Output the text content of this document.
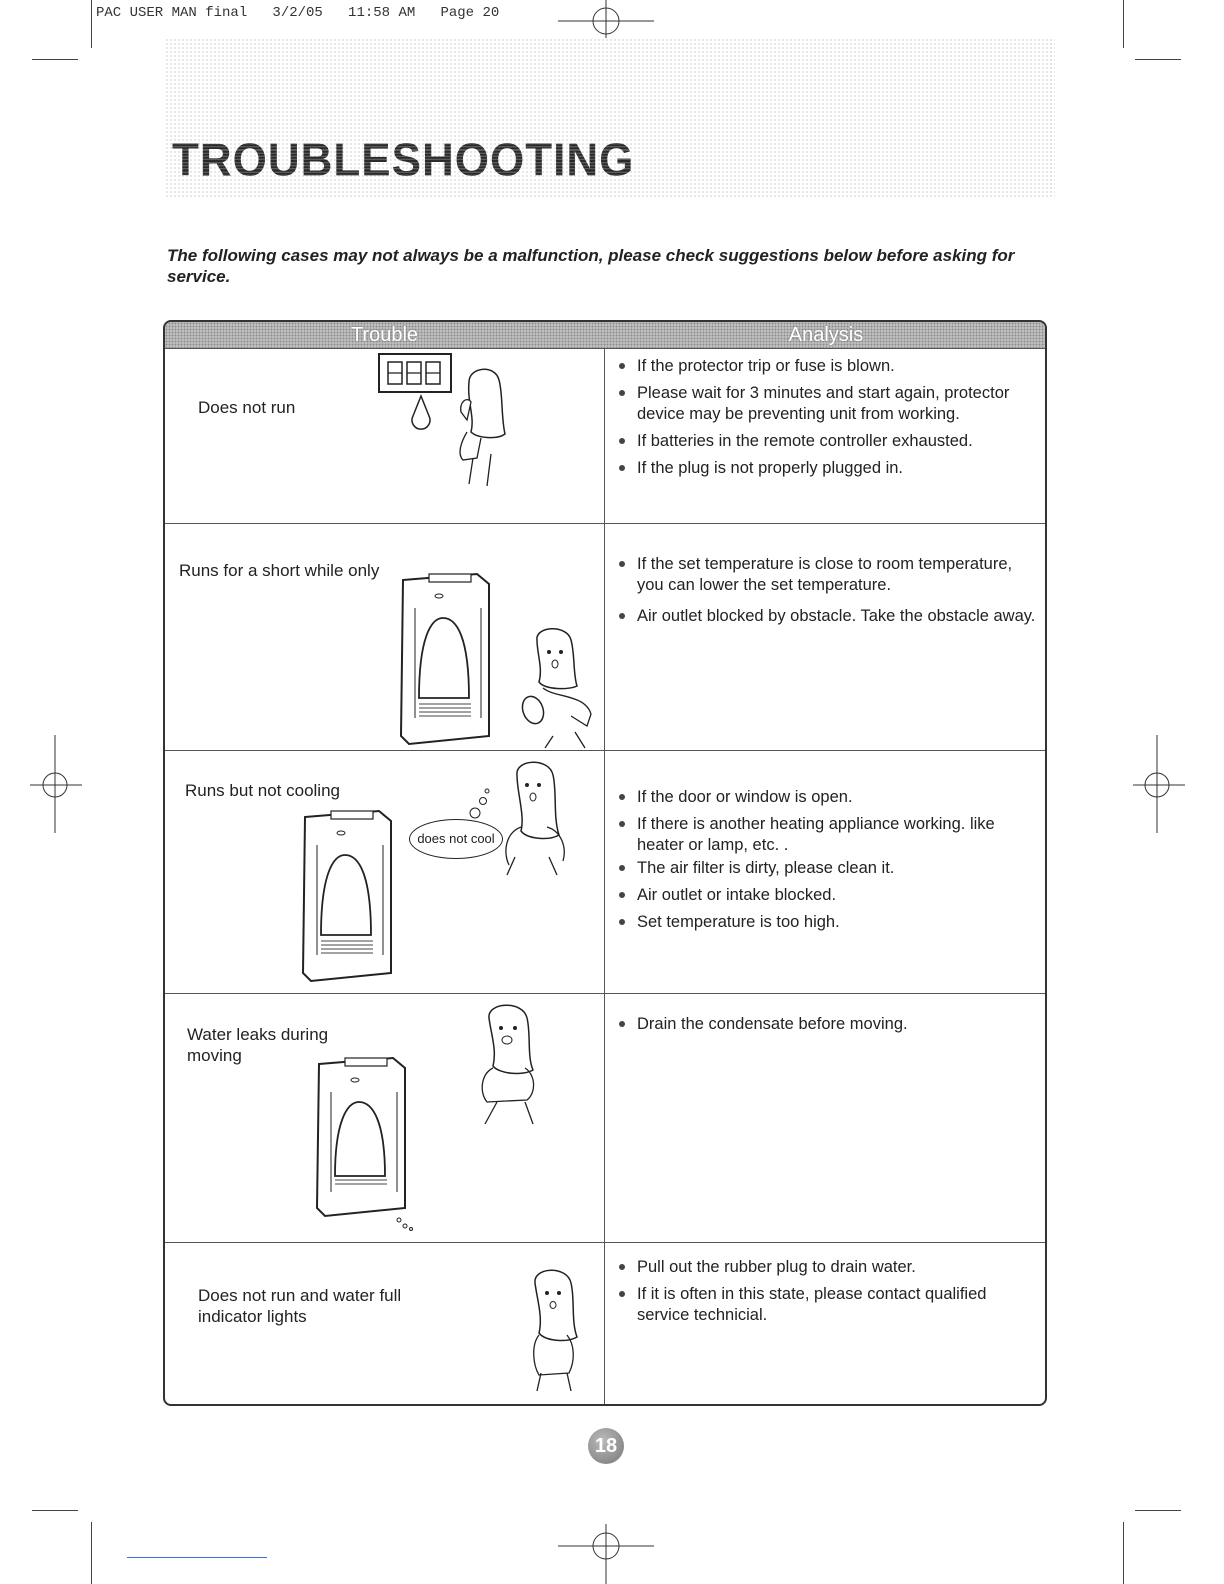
PAC USER MAN final   3/2/05   11:58 AM   Page 20
TROUBLESHOOTING
The following cases may not always be a malfunction, please check suggestions below before asking for service.
Trouble	Analysis
Does not run
If the protector trip or fuse is blown.
Please wait for 3 minutes and start again, protector device may be preventing unit from working.
If batteries in the remote controller exhausted.
If the plug is not properly plugged in.
Runs for a short while only	If the set temperature is close to room temperature, you can lower the set temperature.
Air outlet blocked by obstacle. Take the obstacle away.
Runs but not cooling
does not cool
If the door or window is open.
If there is another heating appliance working. like heater or lamp, etc. .
The air filter is dirty, please clean it.
Air outlet or intake blocked.
Set temperature is too high.
Water leaks during moving
Drain the condensate before moving.
Does not run and water full indicator lights
Pull out the rubber plug to drain water.
If it is often in this state, please contact qualified service technicial.
18
